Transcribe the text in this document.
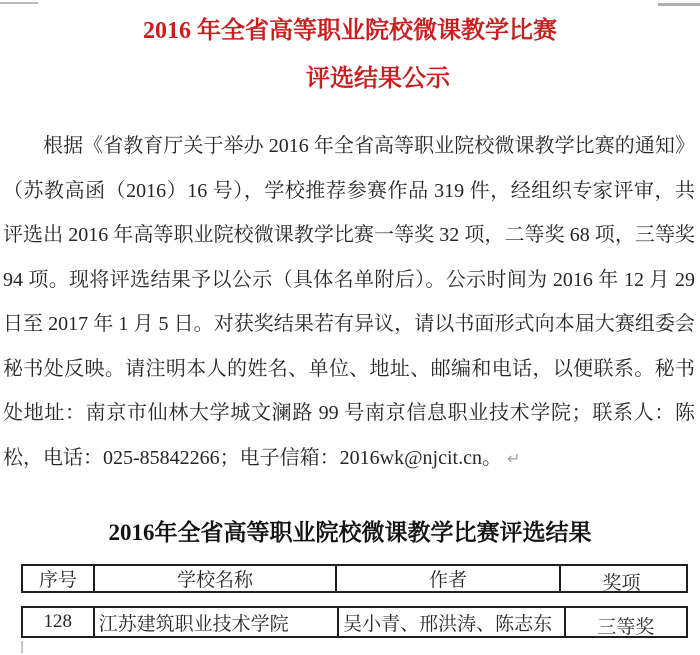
2016 年全省高等职业院校微课教学比赛
评选结果公示

根据《省教育厅关于举办 2016 年全省高等职业院校微课教学比赛的通知》（苏教高函（2016）16 号），学校推荐参赛作品 319 件，经组织专家评审，共评选出 2016 年高等职业院校微课教学比赛一等奖 32 项，二等奖 68 项，三等奖 94 项。现将评选结果予以公示（具体名单附后）。公示时间为 2016 年 12 月 29 日至 2017 年 1 月 5 日。对获奖结果若有异议，请以书面形式向本届大赛组委会秘书处反映。请注明本人的姓名、单位、地址、邮编和电话，以便联系。秘书处地址：南京市仙林大学城文澜路 99 号南京信息职业技术学院；联系人：陈松，电话：025-85842266；电子信箱：2016wk@njcit.cn。 ↵

2016年全省高等职业院校微课教学比赛评选结果
序号	学校名称	作者	奖项
128	江苏建筑职业技术学院	吴小青、邢洪涛、陈志东	三等奖
